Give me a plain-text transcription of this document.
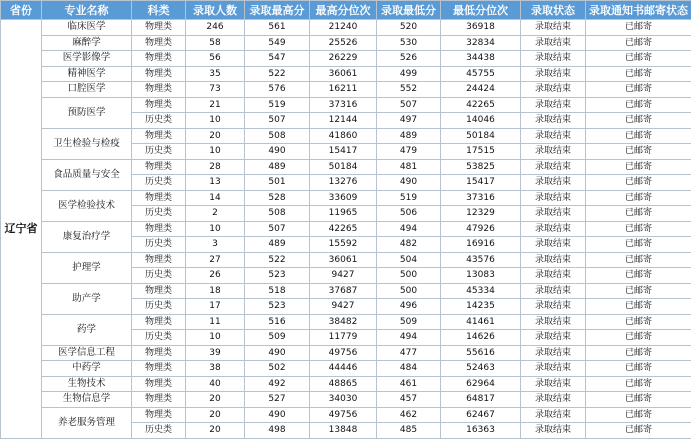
省份	专业名称	科类	录取人数	录取最高分	最高分位次	录取最低分	最低分位次	录取状态	录取通知书邮寄状态
辽宁省	临床医学	物理类	246	561	21240	520	36918	录取结束	已邮寄
	麻醉学	物理类	58	549	25526	530	32834	录取结束	已邮寄
	医学影像学	物理类	56	547	26229	526	34438	录取结束	已邮寄
	精神医学	物理类	35	522	36061	499	45755	录取结束	已邮寄
	口腔医学	物理类	73	576	16211	552	24424	录取结束	已邮寄
	预防医学	物理类	21	519	37316	507	42265	录取结束	已邮寄
		历史类	10	507	12144	497	14046	录取结束	已邮寄
	卫生检验与检疫	物理类	20	508	41860	489	50184	录取结束	已邮寄
		历史类	10	490	15417	479	17515	录取结束	已邮寄
	食品质量与安全	物理类	28	489	50184	481	53825	录取结束	已邮寄
		历史类	13	501	13276	490	15417	录取结束	已邮寄
	医学检验技术	物理类	14	528	33609	519	37316	录取结束	已邮寄
		历史类	2	508	11965	506	12329	录取结束	已邮寄
	康复治疗学	物理类	10	507	42265	494	47926	录取结束	已邮寄
		历史类	3	489	15592	482	16916	录取结束	已邮寄
	护理学	物理类	27	522	36061	504	43576	录取结束	已邮寄
		历史类	26	523	9427	500	13083	录取结束	已邮寄
	助产学	物理类	18	518	37687	500	45334	录取结束	已邮寄
		历史类	17	523	9427	496	14235	录取结束	已邮寄
	药学	物理类	11	516	38482	509	41461	录取结束	已邮寄
		历史类	10	509	11779	494	14626	录取结束	已邮寄
	医学信息工程	物理类	39	490	49756	477	55616	录取结束	已邮寄
	中药学	物理类	38	502	44446	484	52463	录取结束	已邮寄
	生物技术	物理类	40	492	48865	461	62964	录取结束	已邮寄
	生物信息学	物理类	20	527	34030	457	64817	录取结束	已邮寄
	养老服务管理	物理类	20	490	49756	462	62467	录取结束	已邮寄
		历史类	20	498	13848	485	16363	录取结束	已邮寄
